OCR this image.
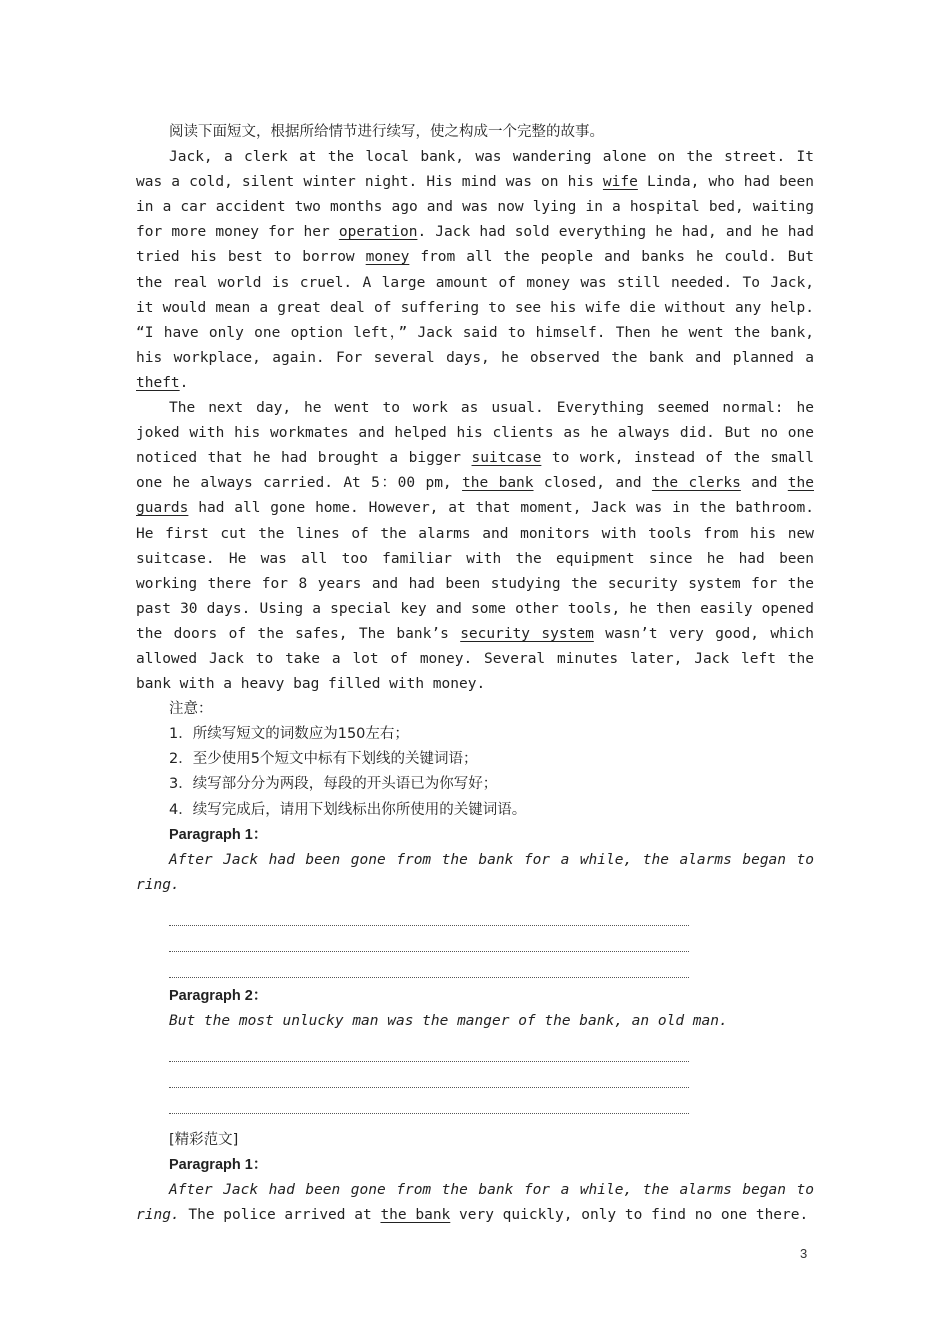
阅读下面短文，根据所给情节进行续写，使之构成一个完整的故事。

Jack, a clerk at the local bank, was wandering alone on the street. It was a cold, silent winter night. His mind was on his wife Linda, who had been in a car accident two months ago and was now lying in a hospital bed, waiting for more money for her operation. Jack had sold everything he had, and he had tried his best to borrow money from all the people and banks he could. But the real world is cruel. A large amount of money was still needed. To Jack, it would mean a great deal of suffering to see his wife die without any help. “I have only one option left，” Jack said to himself. Then he went the bank, his workplace, again. For several days, he observed the bank and planned a theft.

The next day, he went to work as usual. Everything seemed normal: he joked with his workmates and helped his clients as he always did. But no one noticed that he had brought a bigger suitcase to work, instead of the small one he always carried. At 5：00 pm, the bank closed, and the clerks and the guards had all gone home. However, at that moment, Jack was in the bathroom. He first cut the lines of the alarms and monitors with tools from his new suitcase. He was all too familiar with the equipment since he had been working there for 8 years and had been studying the security system for the past 30 days. Using a special key and some other tools, he then easily opened the doors of the safes, The bank’s security system wasn’t very good, which allowed Jack to take a lot of money. Several minutes later, Jack left the bank with a heavy bag filled with money.

注意：

1．所续写短文的词数应为150左右；

2．至少使用5个短文中标有下划线的关键词语；

3．续写部分分为两段，每段的开头语已为你写好；

4．续写完成后，请用下划线标出你所使用的关键词语。

Paragraph 1：

After Jack had been gone from the bank for a while, the alarms began to ring.

Paragraph 2：

But the most unlucky man was the manger of the bank, an old man.

[精彩范文]

Paragraph 1：

After Jack had been gone from the bank for a while, the alarms began to ring. The police arrived at the bank very quickly, only to find no one there.

3
